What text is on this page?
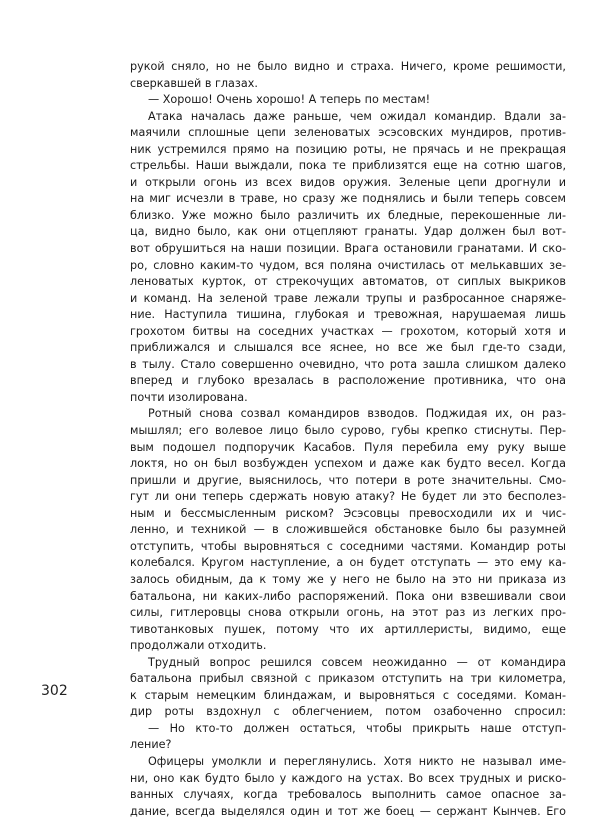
рукой сняло, но не было видно и страха. Ничего, кроме решимости,
сверкавшей в глазах.
— Хорошо! Очень хорошо! А теперь по местам!
Атака началась даже раньше, чем ожидал командир. Вдали за-
маячили сплошные цепи зеленоватых эсэсовских мундиров, против-
ник устремился прямо на позицию роты, не прячась и не прекращая
стрельбы. Наши выждали, пока те приблизятся еще на сотню шагов,
и открыли огонь из всех видов оружия. Зеленые цепи дрогнули и
на миг исчезли в траве, но сразу же поднялись и были теперь совсем
близко. Уже можно было различить их бледные, перекошенные ли-
ца, видно было, как они отцепляют гранаты. Удар должен был вот-
вот обрушиться на наши позиции. Врага остановили гранатами. И ско-
ро, словно каким-то чудом, вся поляна очистилась от мелькавших зе-
леноватых курток, от стрекочущих автоматов, от сиплых выкриков
и команд. На зеленой траве лежали трупы и разбросанное снаряже-
ние. Наступила тишина, глубокая и тревожная, нарушаемая лишь
грохотом битвы на соседних участках — грохотом, который хотя и
приближался и слышался все яснее, но все же был где-то сзади,
в тылу. Стало совершенно очевидно, что рота зашла слишком далеко
вперед и глубоко врезалась в расположение противника, что она
почти изолирована.
Ротный снова созвал командиров взводов. Поджидая их, он раз-
мышлял; его волевое лицо было сурово, губы крепко стиснуты. Пер-
вым подошел подпоручик Касабов. Пуля перебила ему руку выше
локтя, но он был возбужден успехом и даже как будто весел. Когда
пришли и другие, выяснилось, что потери в роте значительны. Смо-
гут ли они теперь сдержать новую атаку? Не будет ли это бесполез-
ным и бессмысленным риском? Эсэсовцы превосходили их и чис-
ленно, и техникой — в сложившейся обстановке было бы разумней
отступить, чтобы выровняться с соседними частями. Командир роты
колебался. Кругом наступление, а он будет отступать — это ему ка-
залось обидным, да к тому же у него не было на это ни приказа из
батальона, ни каких-либо распоряжений. Пока они взвешивали свои
силы, гитлеровцы снова открыли огонь, на этот раз из легких про-
тивотанковых пушек, потому что их артиллеристы, видимо, еще
продолжали отходить.
Трудный вопрос решился совсем неожиданно — от командира
батальона прибыл связной с приказом отступить на три километра,
к старым немецким блиндажам, и выровняться с соседями. Коман-
дир роты вздохнул с облегчением, потом озабоченно спросил:
— Но кто-то должен остаться, чтобы прикрыть наше отступ-
ление?
Офицеры умолкли и переглянулись. Хотя никто не называл име-
ни, оно как будто было у каждого на устах. Во всех трудных и риско-
ванных случаях, когда требовалось выполнить самое опасное за-
дание, всегда выделялся один и тот же боец — сержант Кынчев. Его
302
